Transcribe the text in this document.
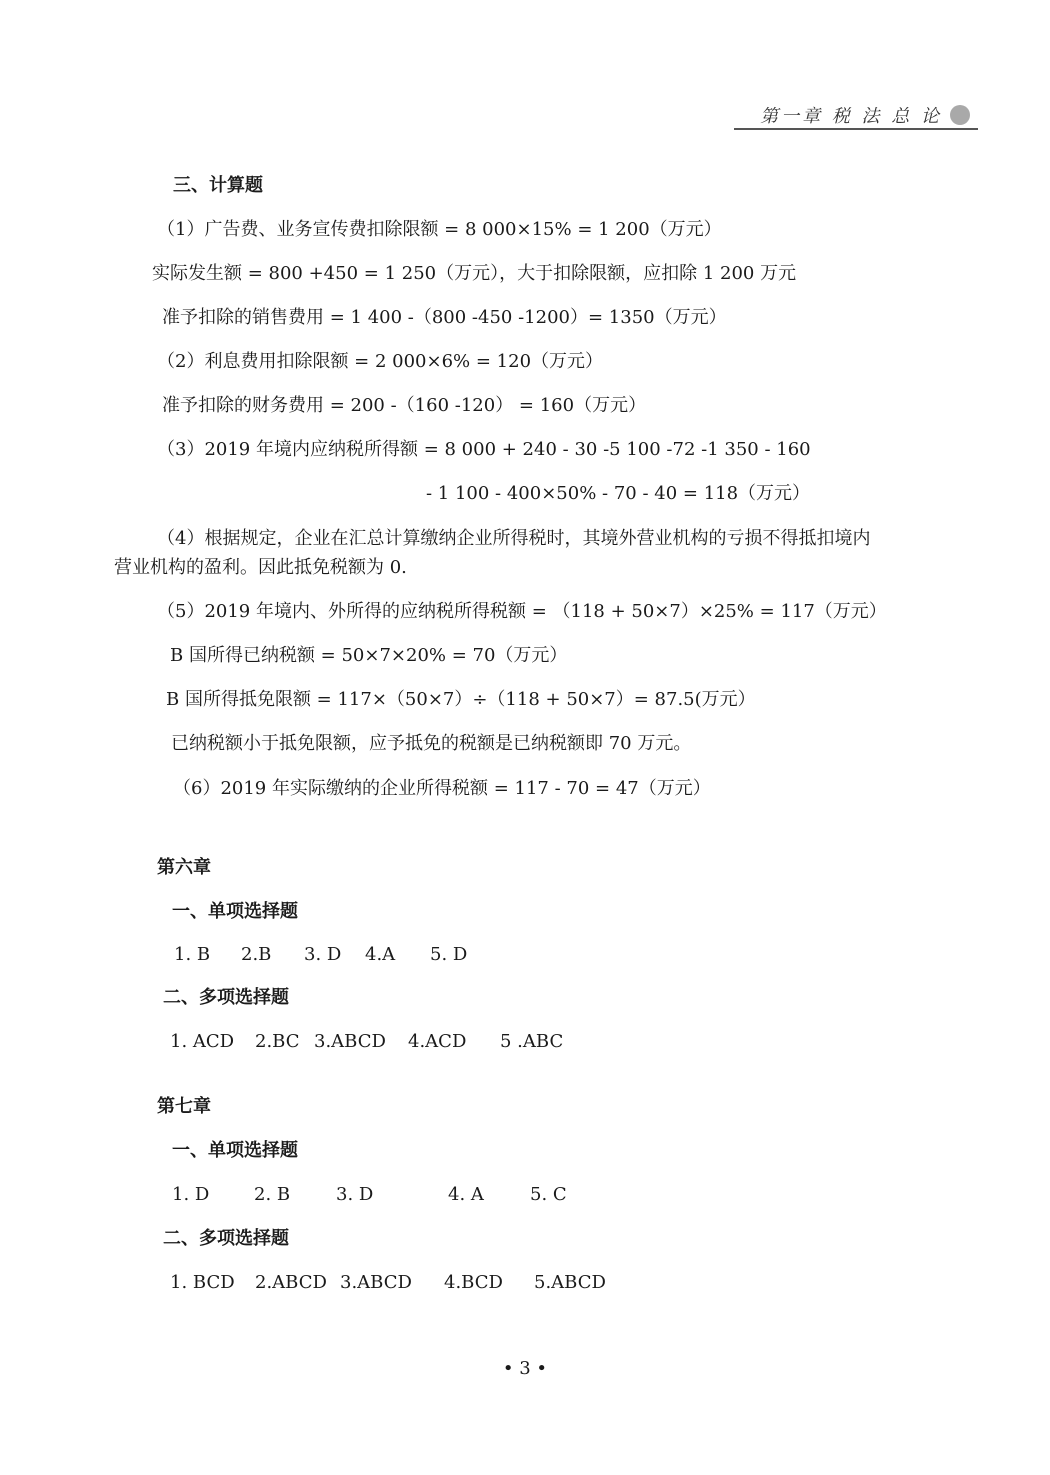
第一章 税 法 总 论
三、计算题
（1）广告费、业务宣传费扣除限额 = 8 000×15% = 1 200（万元）
实际发生额 = 800 +450 = 1 250（万元），大于扣除限额，应扣除 1 200 万元
准予扣除的销售费用 = 1 400 -（800 -450 -1200）= 1350（万元）
（2）利息费用扣除限额 = 2 000×6% = 120（万元）
准予扣除的财务费用 = 200 -（160 -120） = 160（万元）
（3）2019 年境内应纳税所得额 = 8 000 + 240 - 30 -5 100 -72 -1 350 - 160
- 1 100 - 400×50% - 70 - 40 = 118（万元）
（4）根据规定，企业在汇总计算缴纳企业所得税时，其境外营业机构的亏损不得抵扣境内
营业机构的盈利。因此抵免税额为 0.
（5）2019 年境内、外所得的应纳税所得税额 = （118 + 50×7）×25% = 117（万元）
B 国所得已纳税额 = 50×7×20% = 70（万元）
B 国所得抵免限额 = 117×（50×7）÷（118 + 50×7）= 87.5(万元）
已纳税额小于抵免限额，应予抵免的税额是已纳税额即 70 万元。
（6）2019 年实际缴纳的企业所得税额 = 117 - 70 = 47（万元）
第六章
一、单项选择题
1. B 2.B 3. D 4.A 5. D
二、多项选择题
1. ACD 2.BC 3.ABCD 4.ACD 5 .ABC
第七章
一、单项选择题
1. D 2. B	3. D	4. A	5. C
二、多项选择题
1. BCD 2.ABCD 3.ABCD 4.BCD 5.ABCD
• 3 •
